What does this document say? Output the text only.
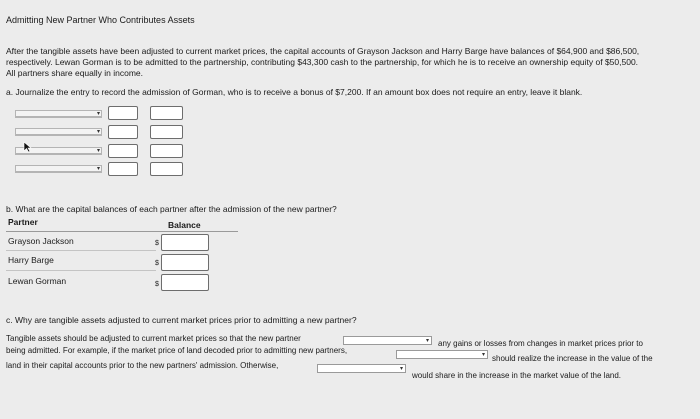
Admitting New Partner Who Contributes Assets
After the tangible assets have been adjusted to current market prices, the capital accounts of Grayson Jackson and Harry Barge have balances of $64,900 and $86,500,
respectively. Lewan Gorman is to be admitted to the partnership, contributing $43,300 cash to the partnership, for which he is to receive an ownership equity of $50,500.
All partners share equally in income.
a. Journalize the entry to record the admission of Gorman, who is to receive a bonus of $7,200. If an amount box does not require an entry, leave it blank.
▾
▾
▾
▾
b. What are the capital balances of each partner after the admission of the new partner?
Partner	Balance
Grayson Jackson	$
Harry Barge	$
Lewan Gorman	$
c. Why are tangible assets adjusted to current market prices prior to admitting a new partner?
Tangible assets should be adjusted to current market prices so that the new partner	▾ any gains or losses from changes in market prices prior to
being admitted. For example, if the market price of land decoded prior to admitting new partners,	▾ should realize the increase in the value of the
land in their capital accounts prior to the new partners' admission. Otherwise,	▾
would share in the increase in the market value of the land.
